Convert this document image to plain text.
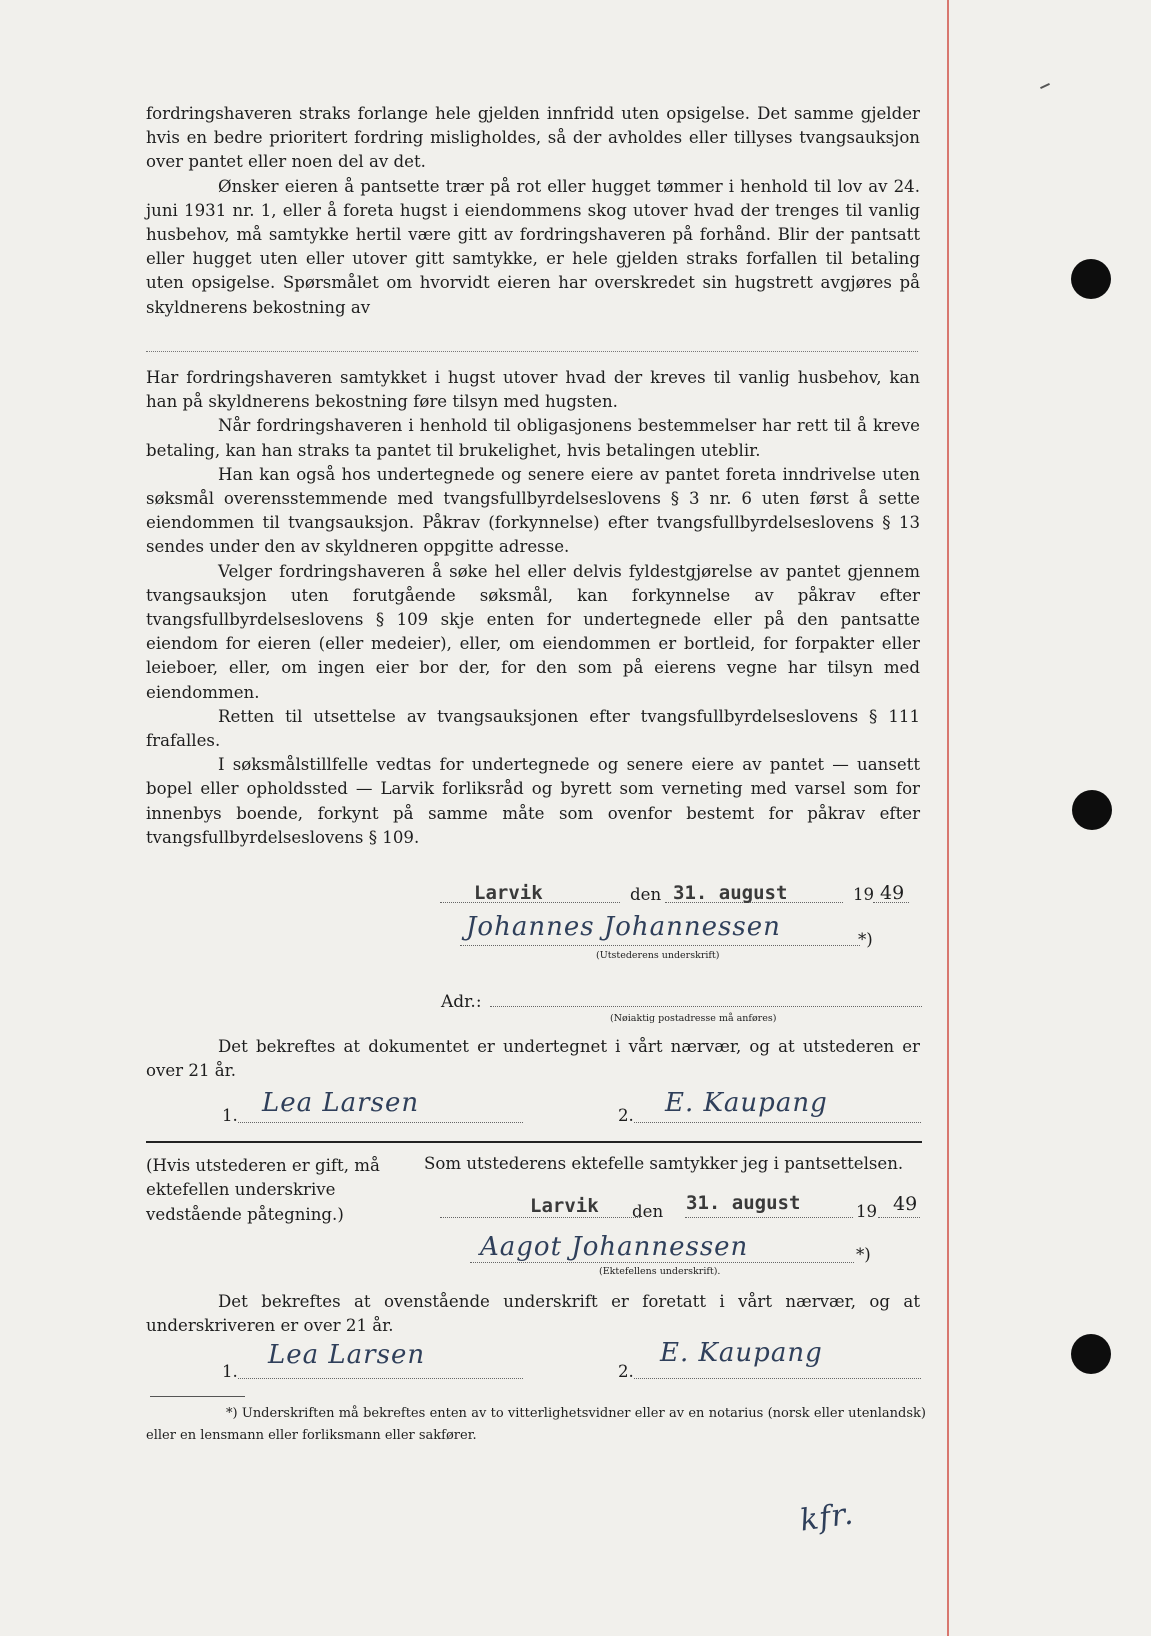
fordringshaveren straks forlange hele gjelden innfridd uten opsigelse. Det samme gjelder hvis en bedre prioritert fordring misligholdes, så der avholdes eller tillyses tvangsauksjon over pantet eller noen del av det.

Ønsker eieren å pantsette trær på rot eller hugget tømmer i henhold til lov av 24. juni 1931 nr. 1, eller å foreta hugst i eiendommens skog utover hvad der trenges til vanlig husbehov, må samtykke hertil være gitt av fordringshaveren på forhånd. Blir der pantsatt eller hugget uten eller utover gitt samtykke, er hele gjelden straks forfallen til betaling uten opsigelse. Spørsmålet om hvorvidt eieren har overskredet sin hugstrett avgjøres på skyldnerens bekostning av

Har fordringshaveren samtykket i hugst utover hvad der kreves til vanlig husbehov, kan han på skyldnerens bekostning føre tilsyn med hugsten.

Når fordringshaveren i henhold til obligasjonens bestemmelser har rett til å kreve betaling, kan han straks ta pantet til brukelighet, hvis betalingen uteblir.

Han kan også hos undertegnede og senere eiere av pantet foreta inndrivelse uten søksmål overensstemmende med tvangsfullbyrdelseslovens § 3 nr. 6 uten først å sette eiendommen til tvangsauksjon. Påkrav (forkynnelse) efter tvangsfullbyrdelseslovens § 13 sendes under den av skyldneren oppgitte adresse.

Velger fordringshaveren å søke hel eller delvis fyldestgjørelse av pantet gjennem tvangsauksjon uten forutgående søksmål, kan forkynnelse av påkrav efter tvangsfullbyrdelseslovens § 109 skje enten for undertegnede eller på den pantsatte eiendom for eieren (eller medeier), eller, om eiendommen er bortleid, for forpakter eller leieboer, eller, om ingen eier bor der, for den som på eierens vegne har tilsyn med eiendommen.

Retten til utsettelse av tvangsauksjonen efter tvangsfullbyrdelseslovens § 111 frafalles.

I søksmålstillfelle vedtas for undertegnede og senere eiere av pantet — uansett bopel eller opholdssted — Larvik forliksråd og byrett som verneting med varsel som for innenbys boende, forkynt på samme måte som ovenfor bestemt for påkrav efter tvangsfullbyrdelseslovens § 109.

Larvik	den 31. august	19 49
Johannes Johannessen	*)
(Utstederens underskrift)
Adr.:
(Nøiaktig postadresse må anføres)

Det bekreftes at dokumentet er undertegnet i vårt nærvær, og at utstederen er over 21 år.

1. Lea Larsen	2. E. Kaupang
(Hvis utstederen er gift, må ektefellen underskrive vedstående påtegning.)
Som utstederens ektefelle samtykker jeg i pantsettelsen.
Larvik den 31. august	19 49
Aagot Johannessen	*)
(Ektefellens underskrift).

Det bekreftes at ovenstående underskrift er foretatt i vårt nærvær, og at underskriveren er over 21 år.

1.
Lea Larsen
2.
E. Kaupang

*) Underskriften må bekreftes enten av to vitterlighetsvidner eller av en notarius (norsk eller utenlandsk) eller en lensmann eller forliksmann eller sakfører.

kfr.
